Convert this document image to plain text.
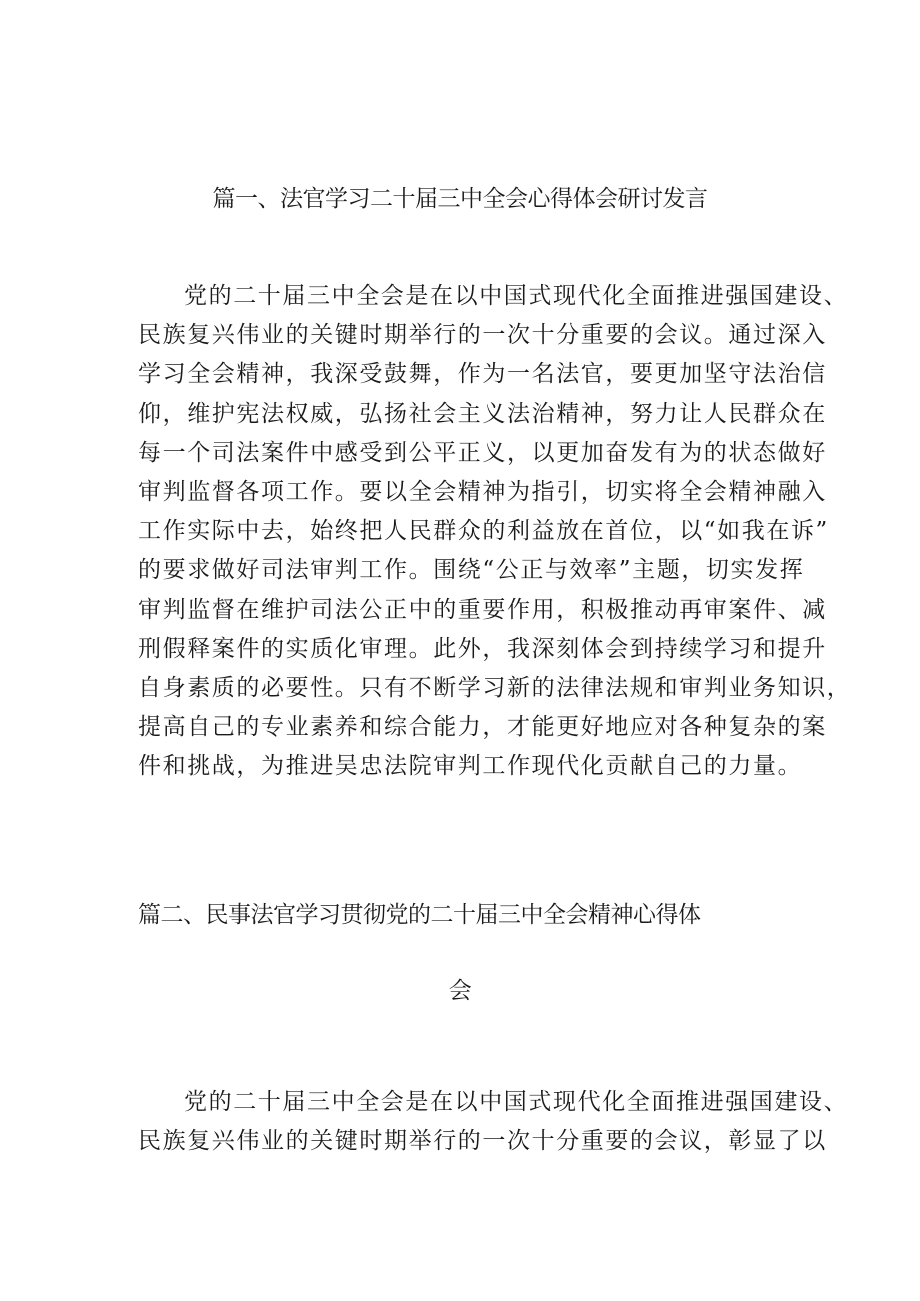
篇一、法官学习二十届三中全会心得体会研讨发言
党的二十届三中全会是在以中国式现代化全面推进强国建设、
民族复兴伟业的关键时期举行的一次十分重要的会议。通过深入
学习全会精神，我深受鼓舞，作为一名法官，要更加坚守法治信
仰，维护宪法权威，弘扬社会主义法治精神，努力让人民群众在
每一个司法案件中感受到公平正义，以更加奋发有为的状态做好
审判监督各项工作。要以全会精神为指引，切实将全会精神融入
工作实际中去，始终把人民群众的利益放在首位，以“如我在诉”
的要求做好司法审判工作。围绕“公正与效率”主题，切实发挥
审判监督在维护司法公正中的重要作用，积极推动再审案件、减
刑假释案件的实质化审理。此外，我深刻体会到持续学习和提升
自身素质的必要性。只有不断学习新的法律法规和审判业务知识，
提高自己的专业素养和综合能力，才能更好地应对各种复杂的案
件和挑战，为推进吴忠法院审判工作现代化贡献自己的力量。
篇二、民事法官学习贯彻党的二十届三中全会精神心得体
会
党的二十届三中全会是在以中国式现代化全面推进强国建设、
民族复兴伟业的关键时期举行的一次十分重要的会议，彰显了以
